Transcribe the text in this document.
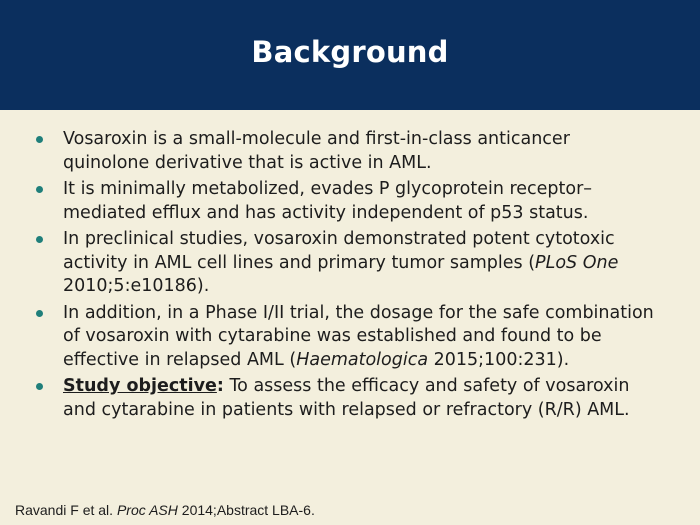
Background
Vosaroxin is a small-molecule and first-in-class anticancer quinolone derivative that is active in AML.
It is minimally metabolized, evades P glycoprotein receptor–mediated efflux and has activity independent of p53 status.
In preclinical studies, vosaroxin demonstrated potent cytotoxic activity in AML cell lines and primary tumor samples (PLoS One 2010;5:e10186).
In addition, in a Phase I/II trial, the dosage for the safe combination of vosaroxin with cytarabine was established and found to be effective in relapsed AML (Haematologica 2015;100:231).
Study objective: To assess the efficacy and safety of vosaroxin and cytarabine in patients with relapsed or refractory (R/R) AML.
Ravandi F et al. Proc ASH 2014;Abstract LBA-6.
